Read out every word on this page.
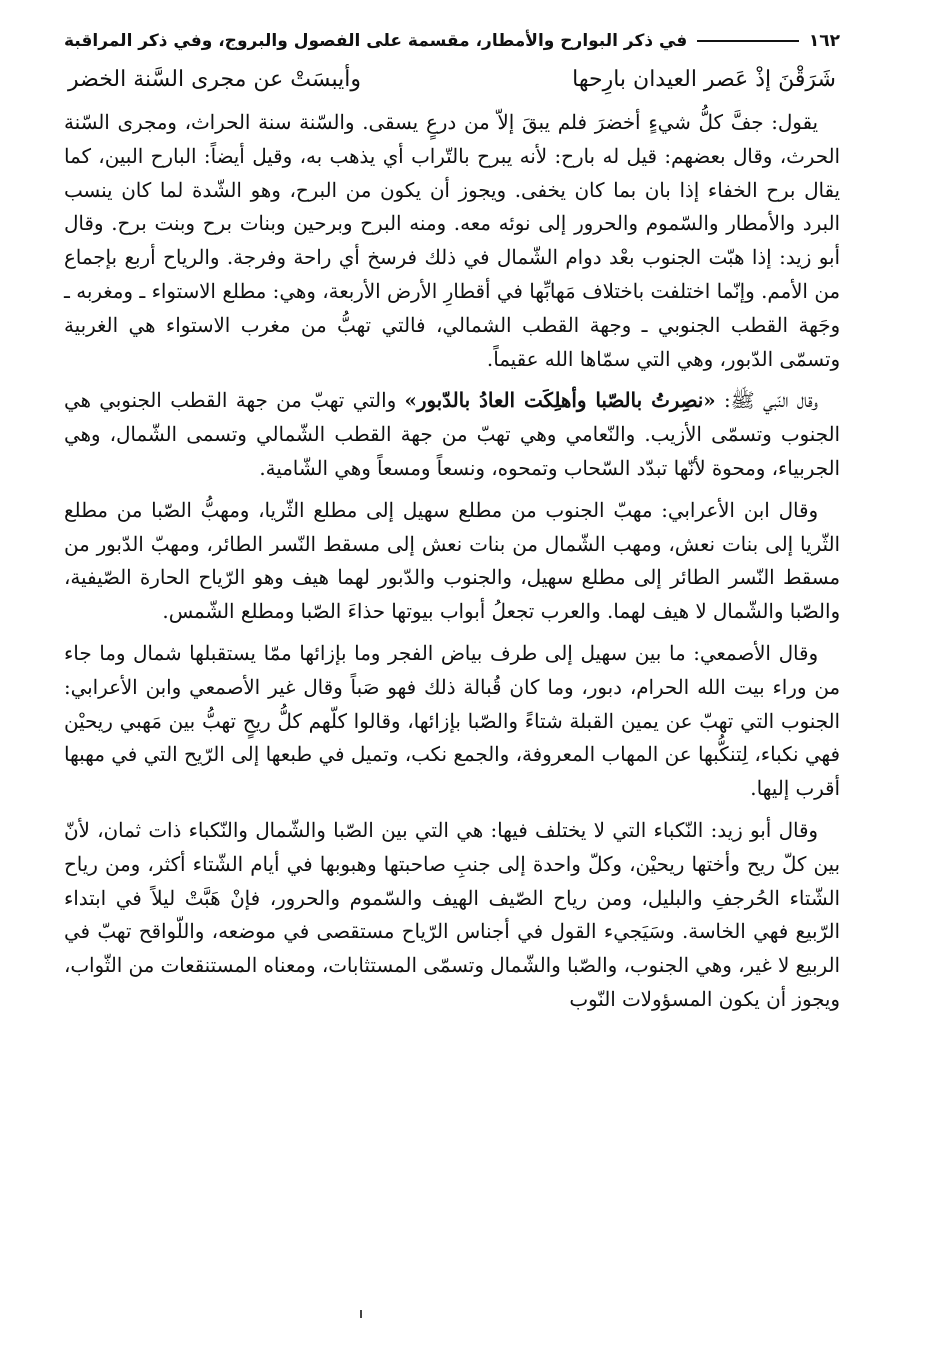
١٦٢
في ذكر البوارح والأمطار، مقسمة على الفصول والبروج، وفي ذكر المراقبة
شَرَقْنَ إذْ عَصر العيدان بارِحها
وأيبسَتْ عن مجرى السَّنة الخضر

يقول: جفَّ كلُّ شيءٍ أخضرَ فلم يبقَ إلاّ من درعٍ يسقى. والسّنة سنة الحراث، ومجرى السّنة الحرث، وقال بعضهم: قيل له بارح: لأنه يبرح بالتّراب أي يذهب به، وقيل أيضاً: البارح البين، كما يقال برح الخفاء إذا بان بما كان يخفى. ويجوز أن يكون من البرح، وهو الشّدة لما كان ينسب البرد والأمطار والسّموم والحرور إلى نوئه معه. ومنه البرح وبرحين وبنات برح وبنت برح. وقال أبو زيد: إذا هبّت الجنوب بعْد دوام الشّمال في ذلك فرسخ أي راحة وفرجة. والرياح أربع بإجماع من الأمم. وإنّما اختلفت باختلاف مَهابِّها في أقطارِ الأرض الأربعة، وهي: مطلع الاستواء ـ ومغربه ـ وجَهة القطب الجنوبي ـ وجهة القطب الشمالي، فالتي تهبُّ من مغرب الاستواء هي الغربية وتسمّى الدّبور، وهي التي سمّاها الله عقيماً.

وقال النّبي ﷺ: «نصِرتُ بالصّبا وأهلِكَت العادُ بالدّبور» والتي تهبّ من جهة القطب الجنوبي هي الجنوب وتسمّى الأزيب. والنّعامي وهي تهبّ من جهة القطب الشّمالي وتسمى الشّمال، وهي الجربياء، ومحوة لأنّها تبدّد السّحاب وتمحوه، ونسعاً ومسعاً وهي الشّامية.

وقال ابن الأعرابي: مهبّ الجنوب من مطلع سهيل إلى مطلع الثّريا، ومهبُّ الصّبا من مطلع الثّريا إلى بنات نعش، ومهب الشّمال من بنات نعش إلى مسقط النّسر الطائر، ومهبّ الدّبور من مسقط النّسر الطائر إلى مطلع سهيل، والجنوب والدّبور لهما هيف وهو الرّياح الحارة الصّيفية، والصّبا والشّمال لا هيف لهما. والعرب تجعلُ أبواب بيوتها حذاءَ الصّبا ومطلع الشّمس.

وقال الأصمعي: ما بين سهيل إلى طرف بياض الفجر وما بإزائها ممّا يستقبلها شمال وما جاء من وراء بيت الله الحرام، دبور، وما كان قُبالة ذلك فهو صَباً وقال غير الأصمعي وابن الأعرابي: الجنوب التي تهبّ عن يمين القبلة شتاءً والصّبا بإزائها، وقالوا كلّهم كلُّ ريحٍ تهبُّ بين مَهبي ريحيْن فهي نكباء، لِتنكُّبها عن المهاب المعروفة، والجمع نكب، وتميل في طبعها إلى الرّيح التي في مهبها أقرب إليها.

وقال أبو زيد: النّكباء التي لا يختلف فيها: هي التي بين الصّبا والشّمال والنّكباء ذات ثمان، لأنّ بين كلّ ريح وأختها ريحيْن، وكلّ واحدة إلى جنبِ صاحبتها وهبوبها في أيام الشّتاء أكثر، ومن رياح الشّتاء الحُرجفِ والبليل، ومن رياح الصّيف الهيف والسّموم والحرور، فإنْ هَبَّتْ ليلاً في ابتداء الرّبيع فهي الخاسة. وسَيَجيء القول في أجناس الرّياح مستقصى في موضعه، واللّواقح تهبّ في الربيع لا غير، وهي الجنوب، والصّبا والشّمال وتسمّى المستثابات، ومعناه المستنقعات من الثّواب، ويجوز أن يكون المسؤولات النّوب
